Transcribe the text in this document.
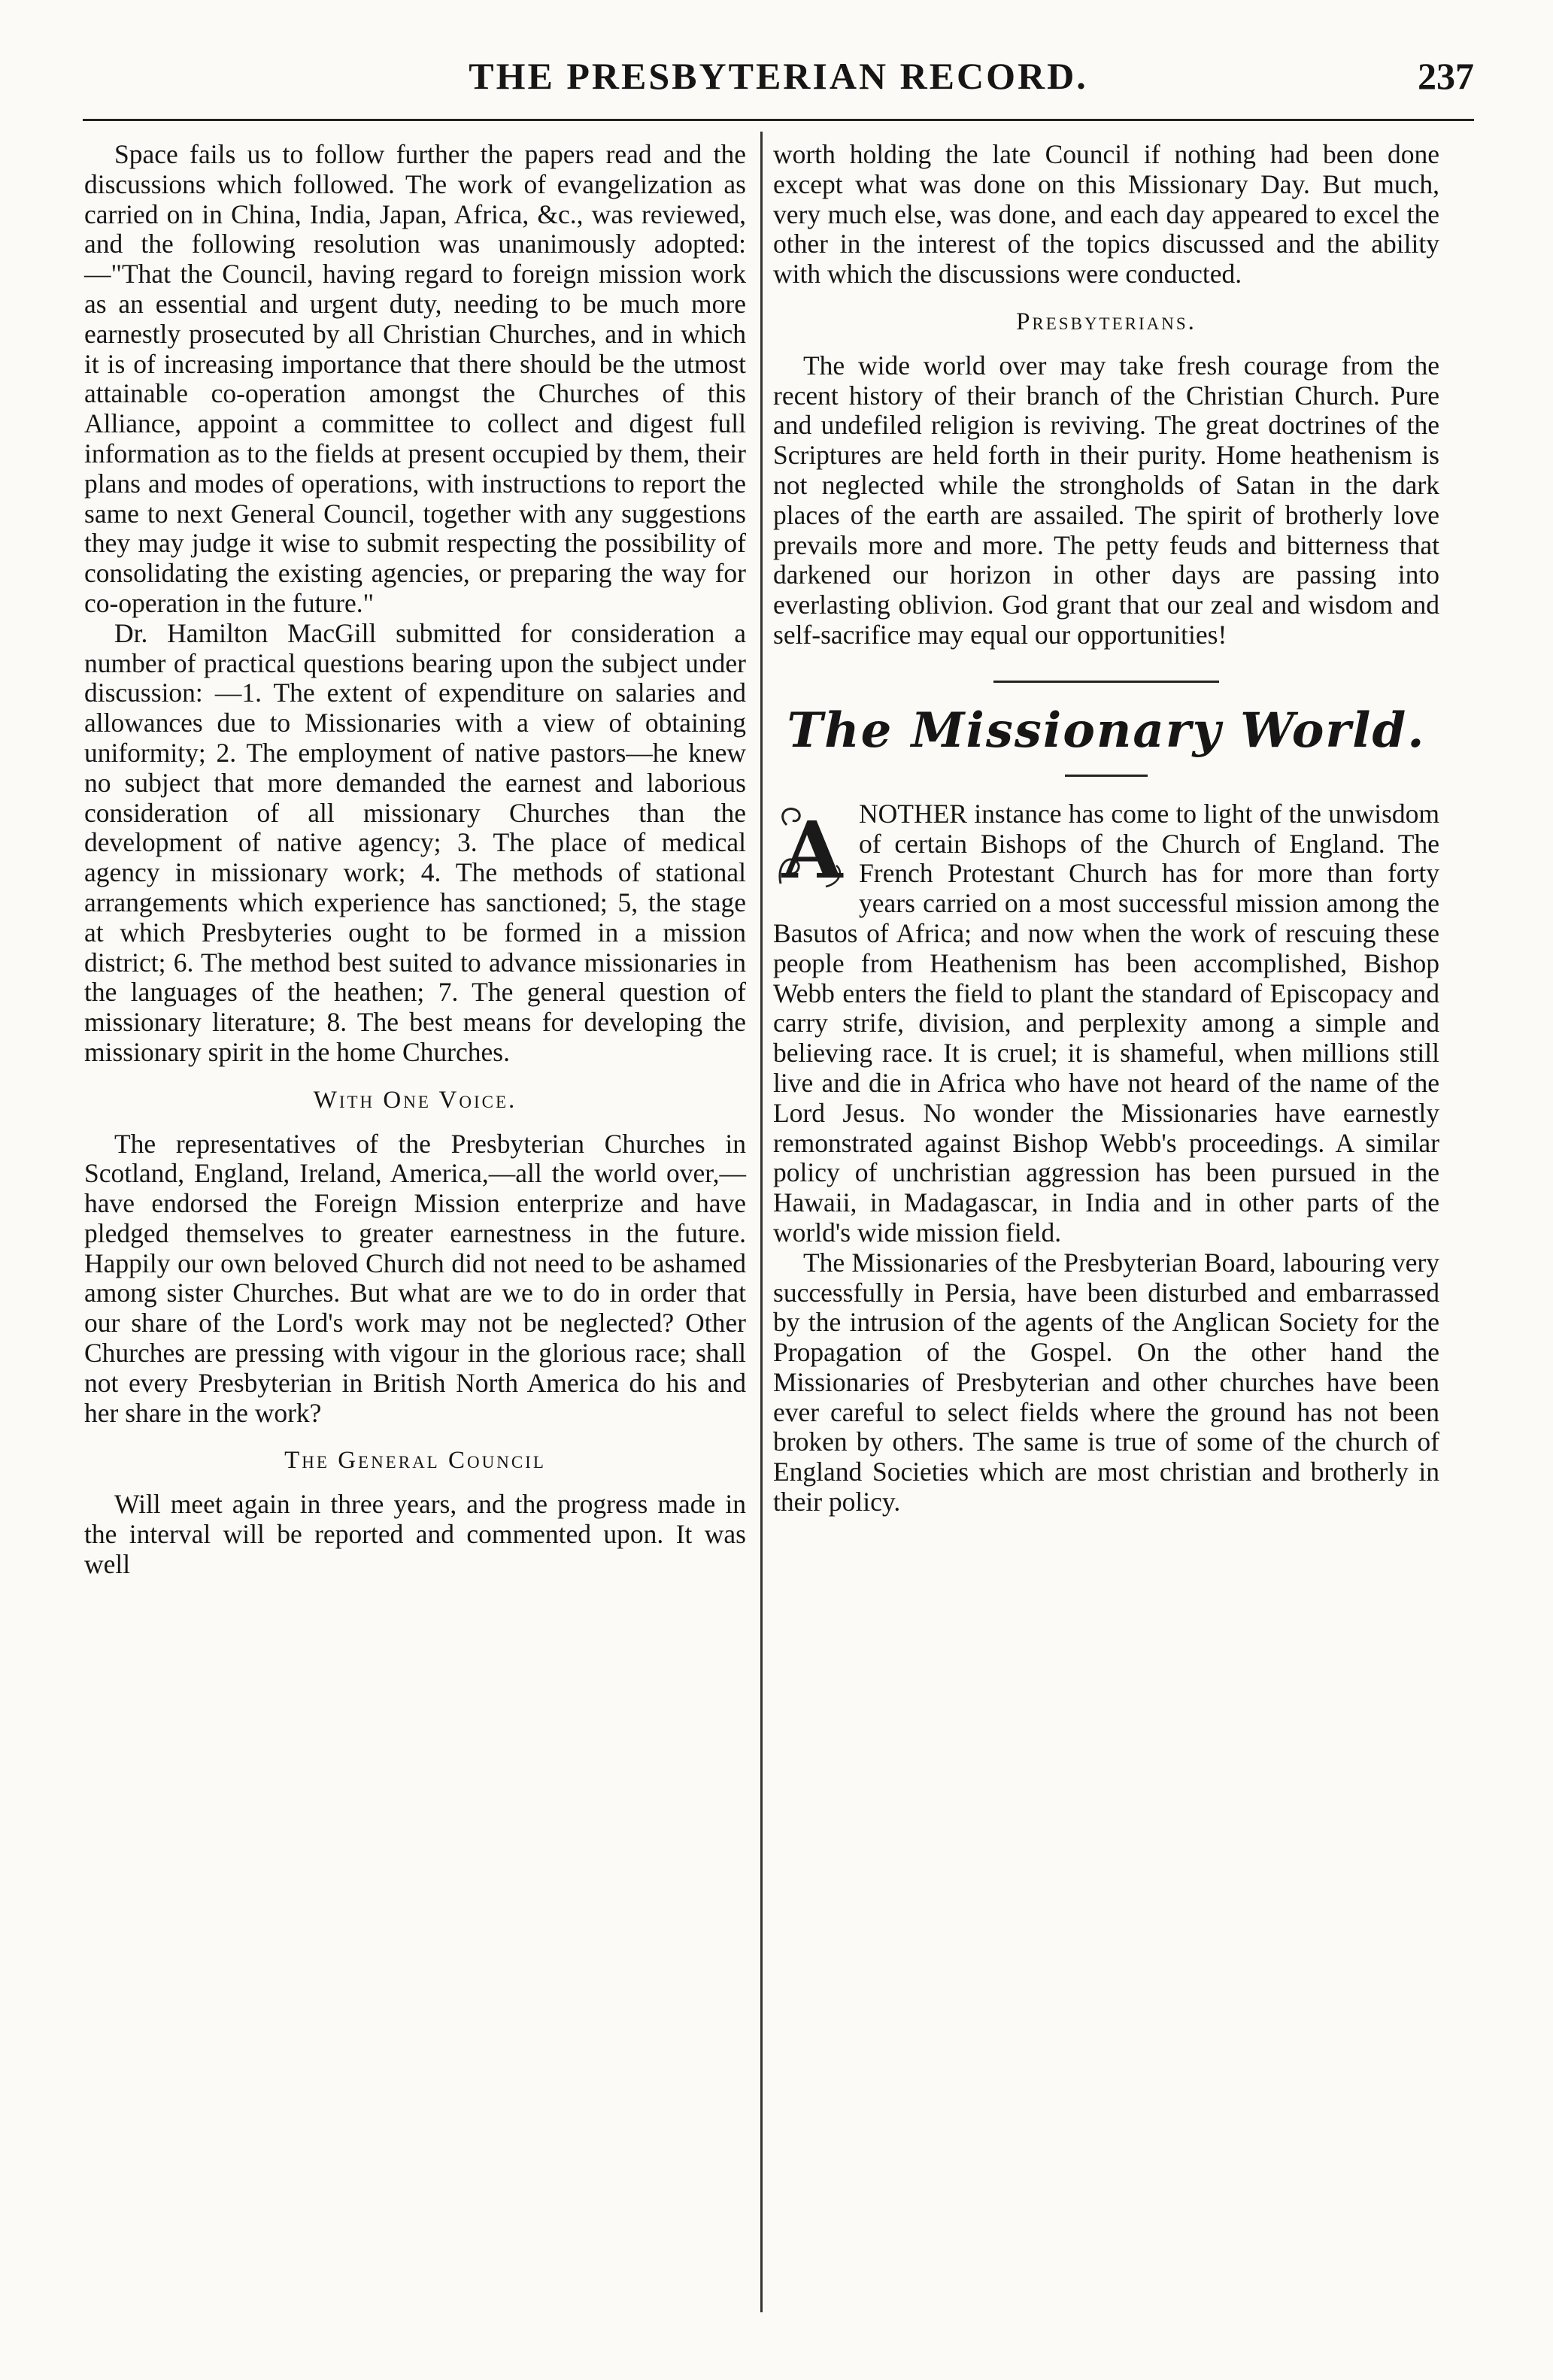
THE PRESBYTERIAN RECORD.	237

Space fails us to follow further the papers read and the discussions which followed. The work of evangelization as carried on in China, India, Japan, Africa, &c., was reviewed, and the following resolution was unanimously adopted:—"That the Council, having regard to foreign mission work as an essential and urgent duty, needing to be much more earnestly prosecuted by all Christian Churches, and in which it is of increasing importance that there should be the utmost attainable co-operation amongst the Churches of this Alliance, appoint a committee to collect and digest full information as to the fields at present occupied by them, their plans and modes of operations, with instructions to report the same to next General Council, together with any suggestions they may judge it wise to submit respecting the possibility of consolidating the existing agencies, or preparing the way for co-operation in the future."

Dr. Hamilton MacGill submitted for consideration a number of practical questions bearing upon the subject under discussion: —1. The extent of expenditure on salaries and allowances due to Missionaries with a view of obtaining uniformity; 2. The employment of native pastors—he knew no subject that more demanded the earnest and laborious consideration of all missionary Churches than the development of native agency; 3. The place of medical agency in missionary work; 4. The methods of stational arrangements which experience has sanctioned; 5, the stage at which Presbyteries ought to be formed in a mission district; 6. The method best suited to advance missionaries in the languages of the heathen; 7. The general question of missionary literature; 8. The best means for developing the missionary spirit in the home Churches.

With One Voice.

The representatives of the Presbyterian Churches in Scotland, England, Ireland, America,—all the world over,—have endorsed the Foreign Mission enterprize and have pledged themselves to greater earnestness in the future. Happily our own beloved Church did not need to be ashamed among sister Churches. But what are we to do in order that our share of the Lord's work may not be neglected? Other Churches are pressing with vigour in the glorious race; shall not every Presbyterian in British North America do his and her share in the work?

The General Council

Will meet again in three years, and the progress made in the interval will be reported and commented upon. It was well

worth holding the late Council if nothing had been done except what was done on this Missionary Day. But much, very much else, was done, and each day appeared to excel the other in the interest of the topics discussed and the ability with which the discussions were conducted.

Presbyterians.

The wide world over may take fresh courage from the recent history of their branch of the Christian Church. Pure and undefiled religion is reviving. The great doctrines of the Scriptures are held forth in their purity. Home heathenism is not neglected while the strongholds of Satan in the dark places of the earth are assailed. The spirit of brotherly love prevails more and more. The petty feuds and bitterness that darkened our horizon in other days are passing into everlasting oblivion. God grant that our zeal and wisdom and self-sacrifice may equal our opportunities!

The Missionary World.

A NOTHER instance has come to light of the unwisdom of certain Bishops of the Church of England. The French Protestant Church has for more than forty years carried on a most successful mission among the Basutos of Africa; and now when the work of rescuing these people from Heathenism has been accomplished, Bishop Webb enters the field to plant the standard of Episcopacy and carry strife, division, and perplexity among a simple and believing race. It is cruel; it is shameful, when millions still live and die in Africa who have not heard of the name of the Lord Jesus. No wonder the Missionaries have earnestly remonstrated against Bishop Webb's proceedings. A similar policy of unchristian aggression has been pursued in the Hawaii, in Madagascar, in India and in other parts of the world's wide mission field.

The Missionaries of the Presbyterian Board, labouring very successfully in Persia, have been disturbed and embarrassed by the intrusion of the agents of the Anglican Society for the Propagation of the Gospel. On the other hand the Missionaries of Presbyterian and other churches have been ever careful to select fields where the ground has not been broken by others. The same is true of some of the church of England Societies which are most christian and brotherly in their policy.
